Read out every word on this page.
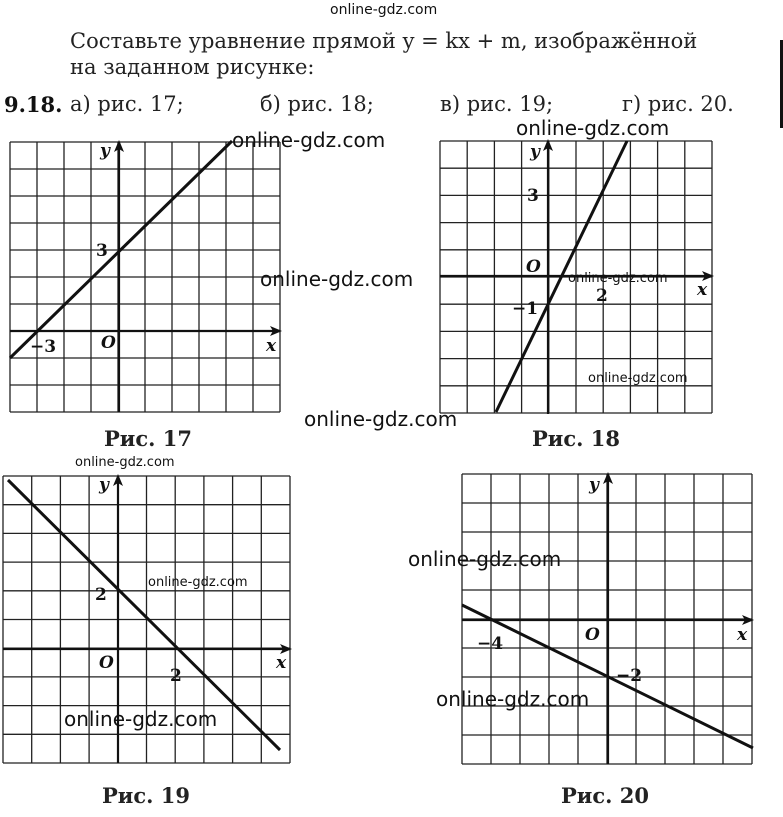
online-gdz.com
Составьте уравнение прямой y = kx + m, изображённой
на заданном рисунке:
9.18. а) рис. 17;	б) рис. 18;	в) рис. 19;	г) рис. 20.
y
x
O
3
−3
y
x
O
3
2
−1
y
x
O
2
2
y
x
O
−4
−2
Рис. 17	Рис. 18
Рис. 19	Рис. 20
online-gdz.com	online-gdz.com
online-gdz.com	online-gdz.com
online-gdz.com
online-gdz.com
online-gdz.com
online-gdz.com
online-gdz.com
online-gdz.com
online-gdz.com
